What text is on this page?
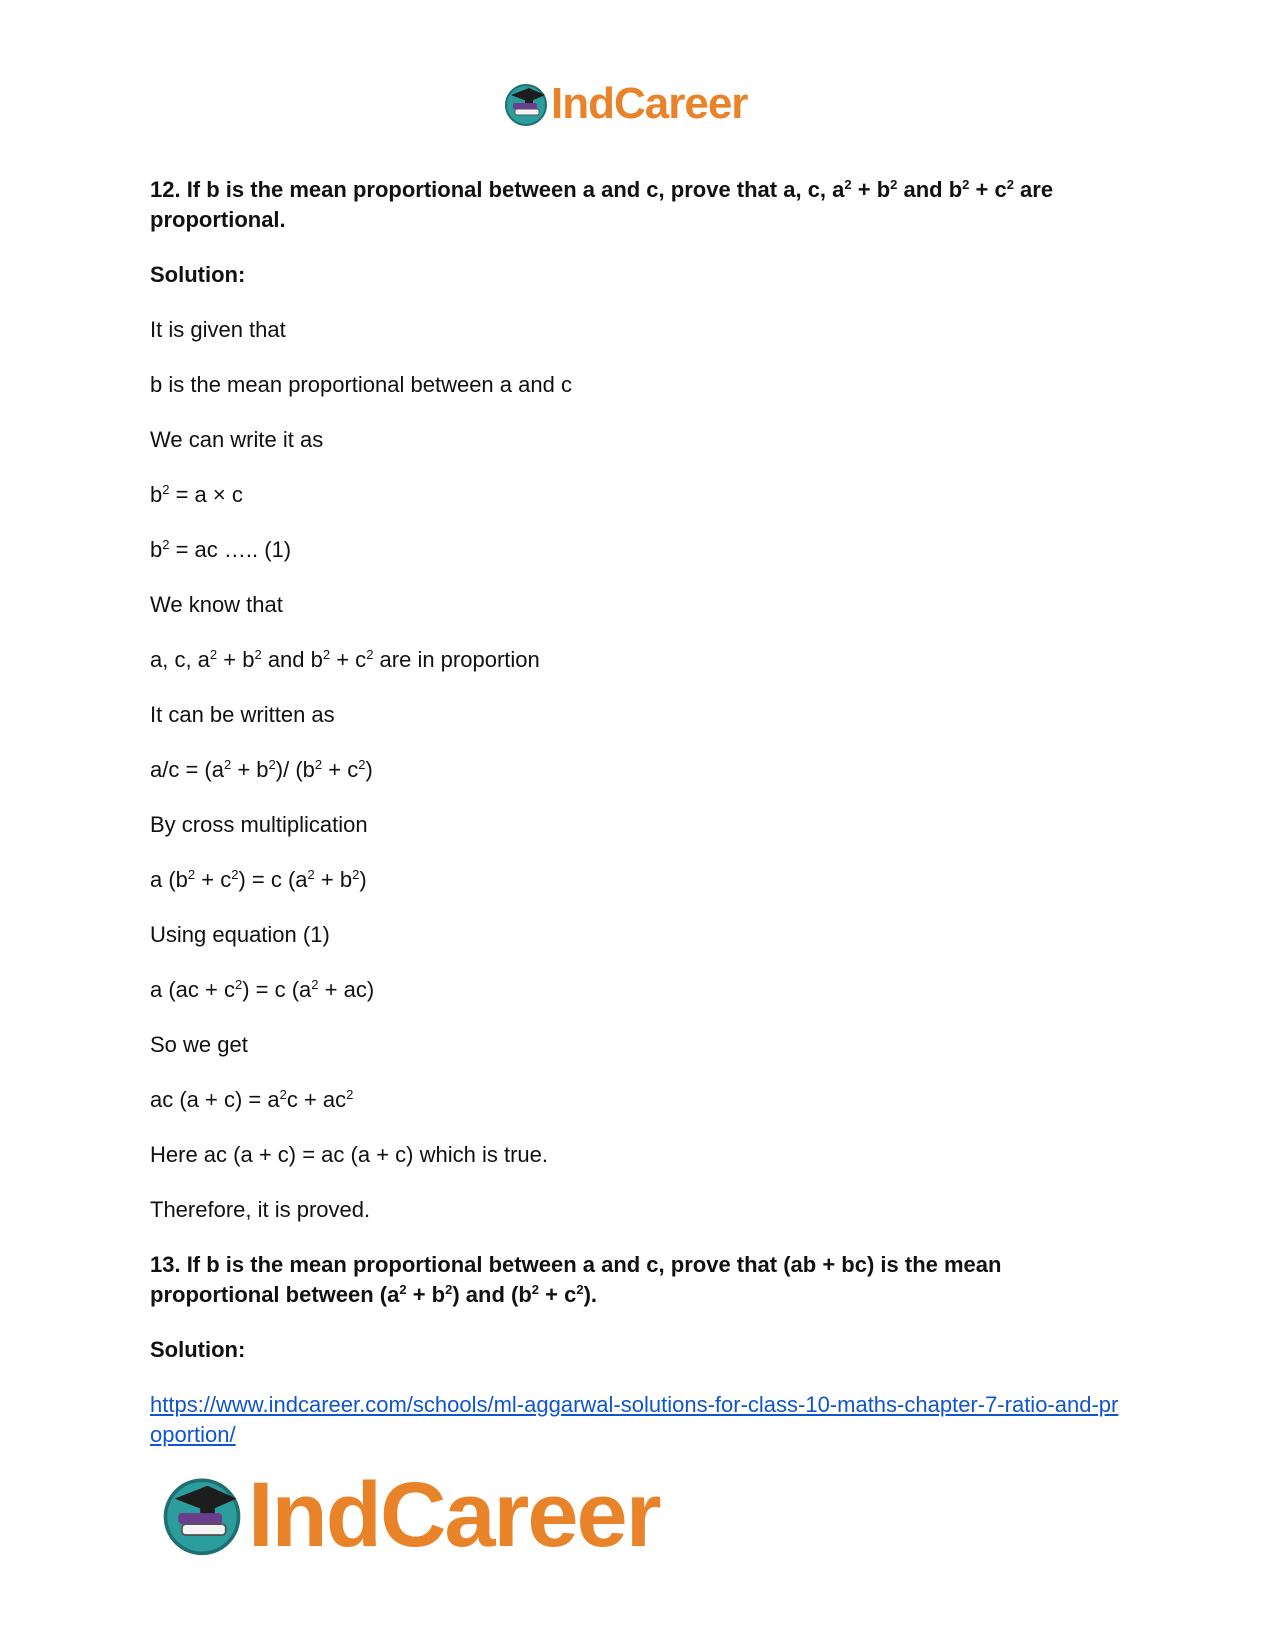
IndCareer

12. If b is the mean proportional between a and c, prove that a, c, $a^2 + b^2$ and $b^2 + c^2$ are proportional.

Solution:

It is given that

b is the mean proportional between a and c

We can write it as

$b^2 = a \times c$

$b^2$ = ac ….. (1)

We know that

a, c, $a^2 + b^2$ and $b^2 + c^2$ are in proportion

It can be written as

$a/c = (a^2 + b^2)/$ $(b^2 + c^2)$

By cross multiplication

a $(b^2 + c^2) = c$ $(a^2 + b^2)$

Using equation (1)

a $(ac + c^2) = c$ $(a^2 + ac)$

So we get

ac $(a + c) = a^2c + ac^2$

Here ac (a + c) = ac (a + c) which is true.

Therefore, it is proved.

13. If b is the mean proportional between a and c, prove that (ab + bc) is the mean proportional between $(a^2 + b^2)$ and $(b^2 + c^2)$.

Solution:

https://www.indcareer.com/schools/ml-aggarwal-solutions-for-class-10-maths-chapter-7-ratio-and-proportion/

IndCareer
